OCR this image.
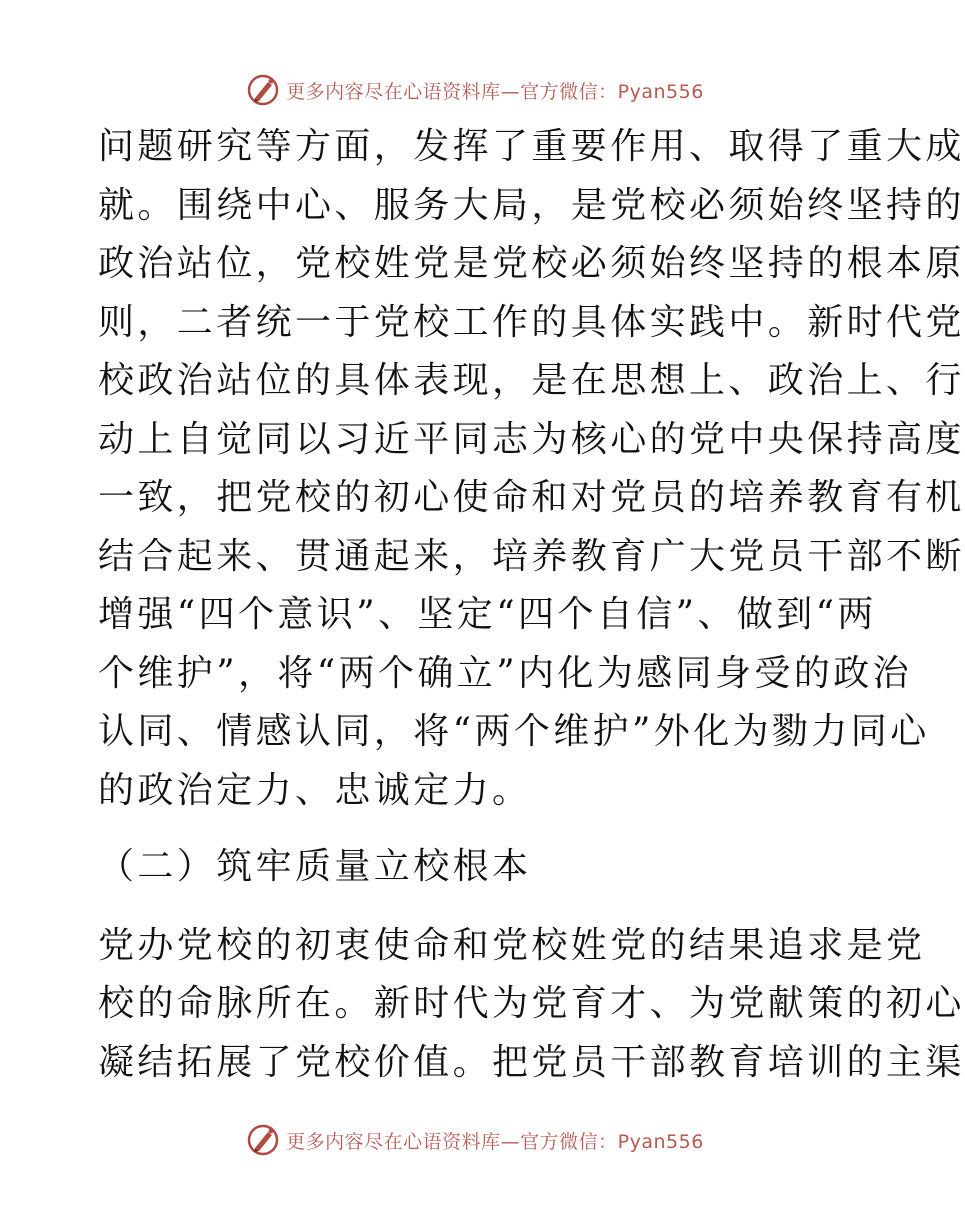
更多内容尽在心语资料库—官方微信：Pyan556
问题研究等方面，发挥了重要作用、取得了重大成
就。围绕中心、服务大局，是党校必须始终坚持的
政治站位，党校姓党是党校必须始终坚持的根本原
则，二者统一于党校工作的具体实践中。新时代党
校政治站位的具体表现，是在思想上、政治上、行
动上自觉同以习近平同志为核心的党中央保持高度
一致，把党校的初心使命和对党员的培养教育有机
结合起来、贯通起来，培养教育广大党员干部不断
增强“四个意识”、坚定“四个自信”、做到“两
个维护”，将“两个确立”内化为感同身受的政治
认同、情感认同，将“两个维护”外化为勠力同心
的政治定力、忠诚定力。
（二）筑牢质量立校根本
党办党校的初衷使命和党校姓党的结果追求是党
校的命脉所在。新时代为党育才、为党献策的初心
凝结拓展了党校价值。把党员干部教育培训的主渠
更多内容尽在心语资料库—官方微信：Pyan556
